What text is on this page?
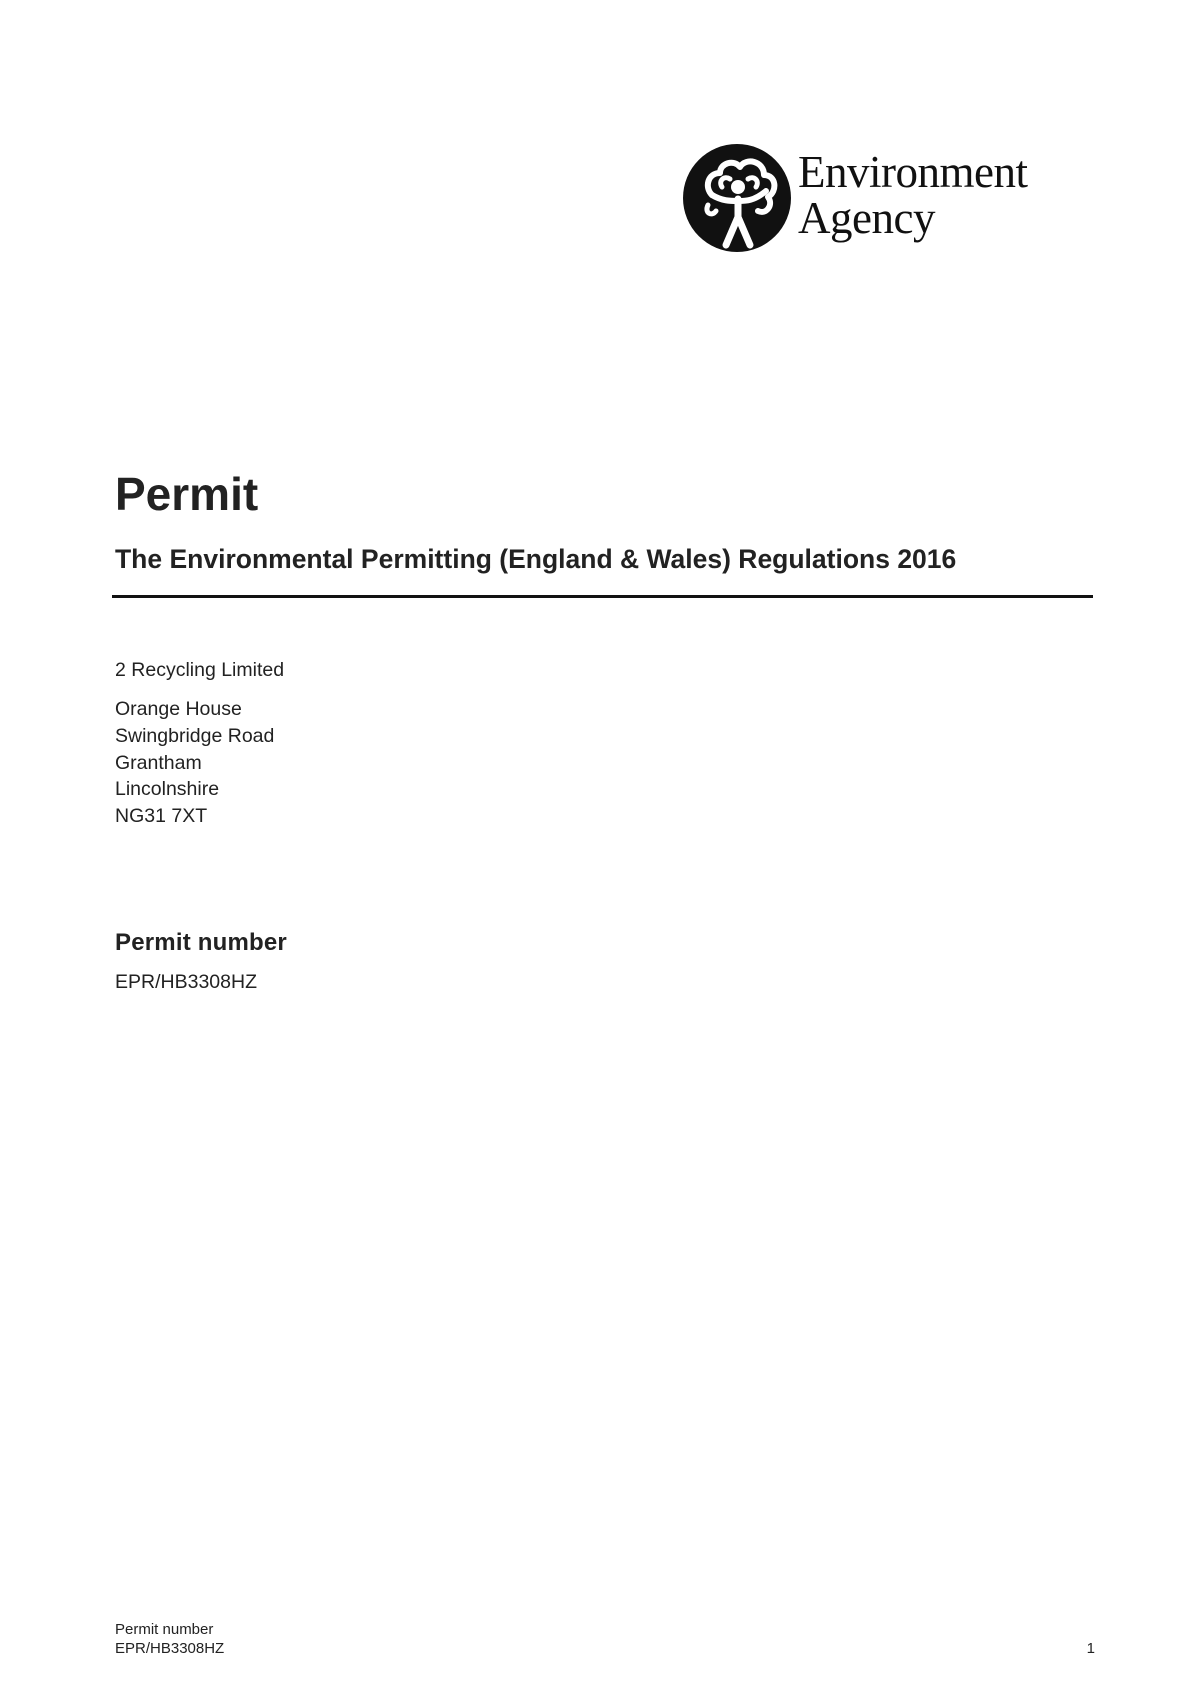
Environment
Agency
Permit
The Environmental Permitting (England & Wales) Regulations 2016
2 Recycling Limited
Orange House
Swingbridge Road
Grantham
Lincolnshire
NG31 7XT
Permit number
EPR/HB3308HZ
Permit number
EPR/HB3308HZ	1
